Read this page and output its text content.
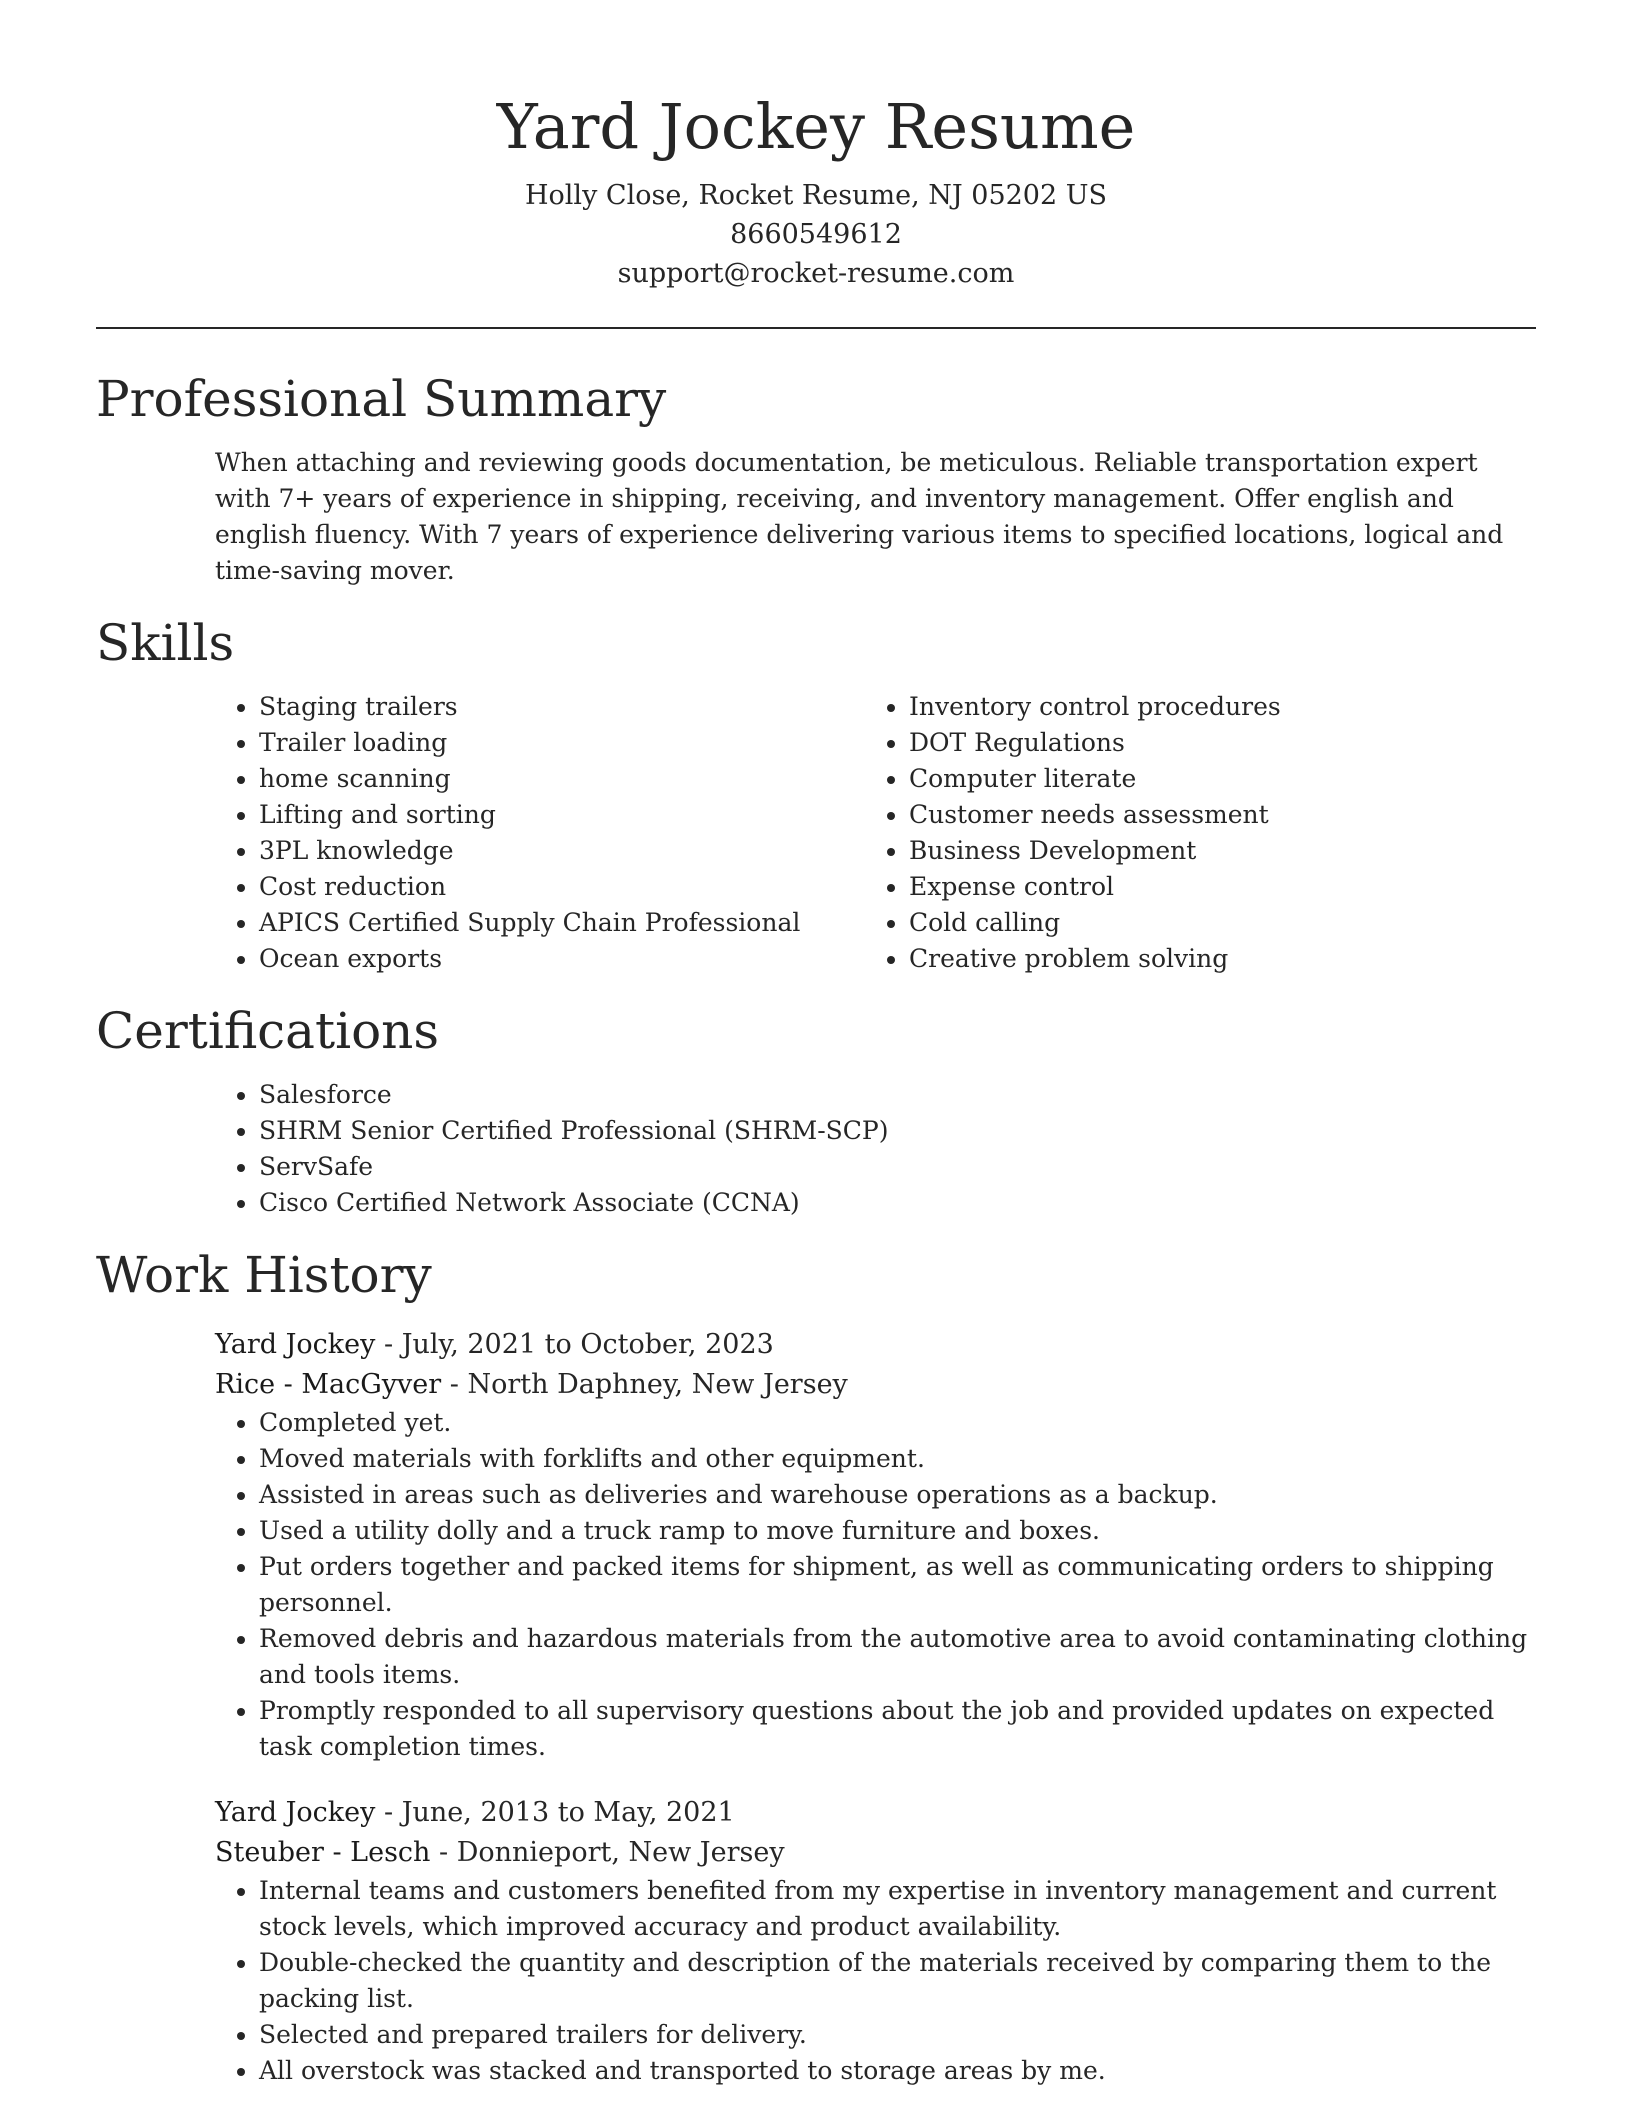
Yard Jockey Resume
Holly Close, Rocket Resume, NJ 05202 US
8660549612
support@rocket-resume.com
Professional Summary

When attaching and reviewing goods documentation, be meticulous. Reliable transportation expert with 7+ years of experience in shipping, receiving, and inventory management. Offer english and english fluency. With 7 years of experience delivering various items to specified locations, logical and time-saving mover.

Skills
• Staging trailers
• Trailer loading
• home scanning
• Lifting and sorting
• 3PL knowledge
• Cost reduction
• APICS Certified Supply Chain Professional
• Ocean exports
• Inventory control procedures
• DOT Regulations
• Computer literate
• Customer needs assessment
• Business Development
• Expense control
• Cold calling
• Creative problem solving
Certifications
• Salesforce
• SHRM Senior Certified Professional (SHRM-SCP)
• ServSafe
• Cisco Certified Network Associate (CCNA)
Work History
Yard Jockey - July, 2021 to October, 2023
Rice - MacGyver - North Daphney, New Jersey
• Completed yet.
• Moved materials with forklifts and other equipment.
• Assisted in areas such as deliveries and warehouse operations as a backup.
• Used a utility dolly and a truck ramp to move furniture and boxes.
• Put orders together and packed items for shipment, as well as communicating orders to shipping personnel.
• Removed debris and hazardous materials from the automotive area to avoid contaminating clothing and tools items.
• Promptly responded to all supervisory questions about the job and provided updates on expected task completion times.
Yard Jockey - June, 2013 to May, 2021
Steuber - Lesch - Donnieport, New Jersey
• Internal teams and customers benefited from my expertise in inventory management and current stock levels, which improved accuracy and product availability.
• Double-checked the quantity and description of the materials received by comparing them to the packing list.
• Selected and prepared trailers for delivery.
• All overstock was stacked and transported to storage areas by me.
